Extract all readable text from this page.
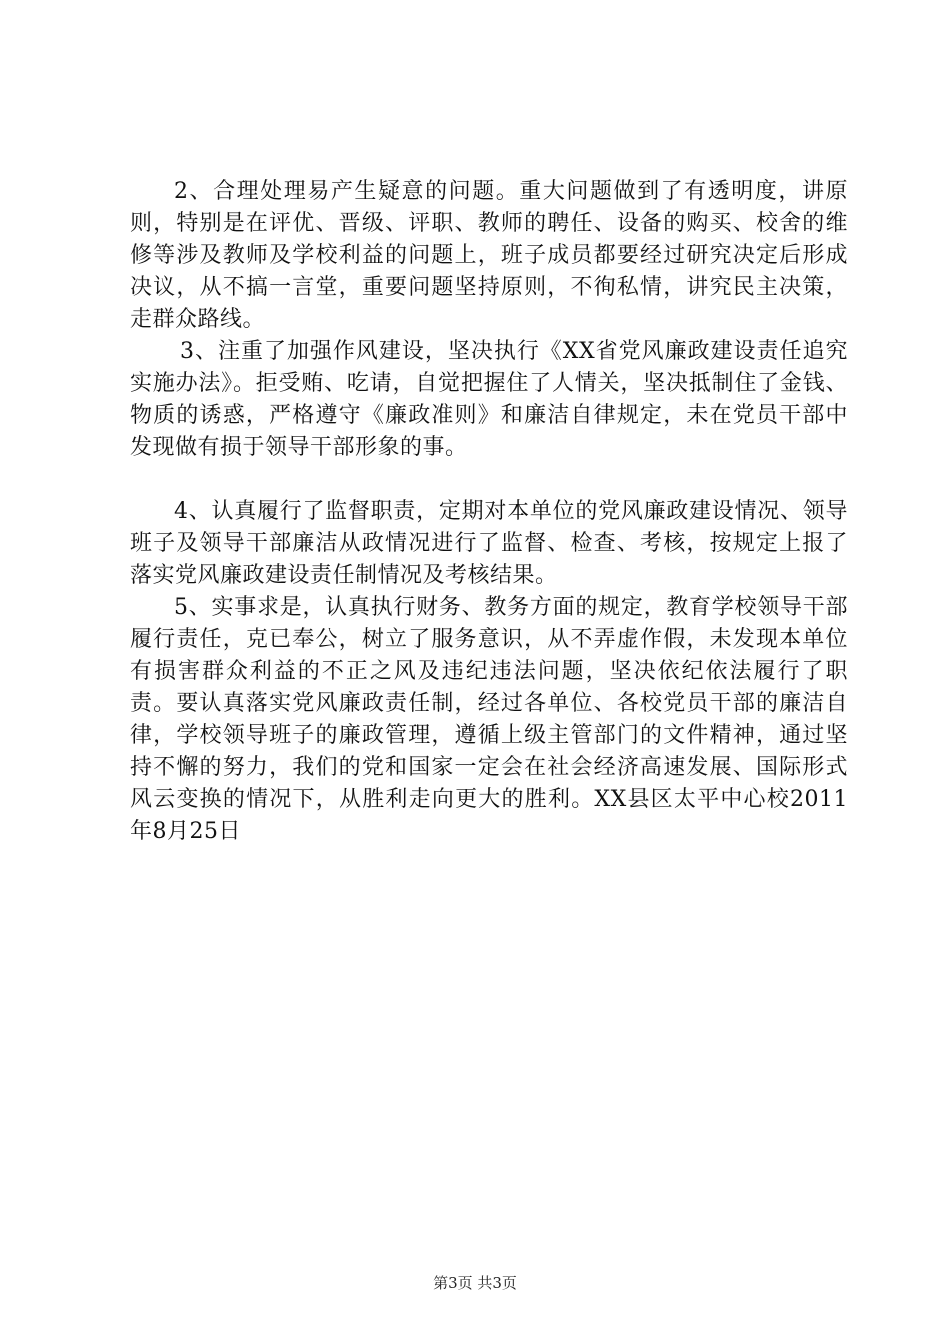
2、合理处理易产生疑意的问题。重大问题做到了有透明度，讲原则，特别是在评优、晋级、评职、教师的聘任、设备的购买、校舍的维修等涉及教师及学校利益的问题上，班子成员都要经过研究决定后形成决议，从不搞一言堂，重要问题坚持原则，不徇私情，讲究民主决策，走群众路线。

3、注重了加强作风建设，坚决执行《XX省党风廉政建设责任追究实施办法》。拒受贿、吃请，自觉把握住了人情关，坚决抵制住了金钱、物质的诱惑，严格遵守《廉政准则》和廉洁自律规定，未在党员干部中发现做有损于领导干部形象的事。

4、认真履行了监督职责，定期对本单位的党风廉政建设情况、领导班子及领导干部廉洁从政情况进行了监督、检查、考核，按规定上报了落实党风廉政建设责任制情况及考核结果。

5、实事求是，认真执行财务、教务方面的规定，教育学校领导干部履行责任，克已奉公，树立了服务意识，从不弄虚作假，未发现本单位有损害群众利益的不正之风及违纪违法问题，坚决依纪依法履行了职责。要认真落实党风廉政责任制，经过各单位、各校党员干部的廉洁自律，学校领导班子的廉政管理，遵循上级主管部门的文件精神，通过坚持不懈的努力，我们的党和国家一定会在社会经济高速发展、国际形式风云变换的情况下，从胜利走向更大的胜利。XX县区太平中心校2011年8月25日

第3页 共3页
